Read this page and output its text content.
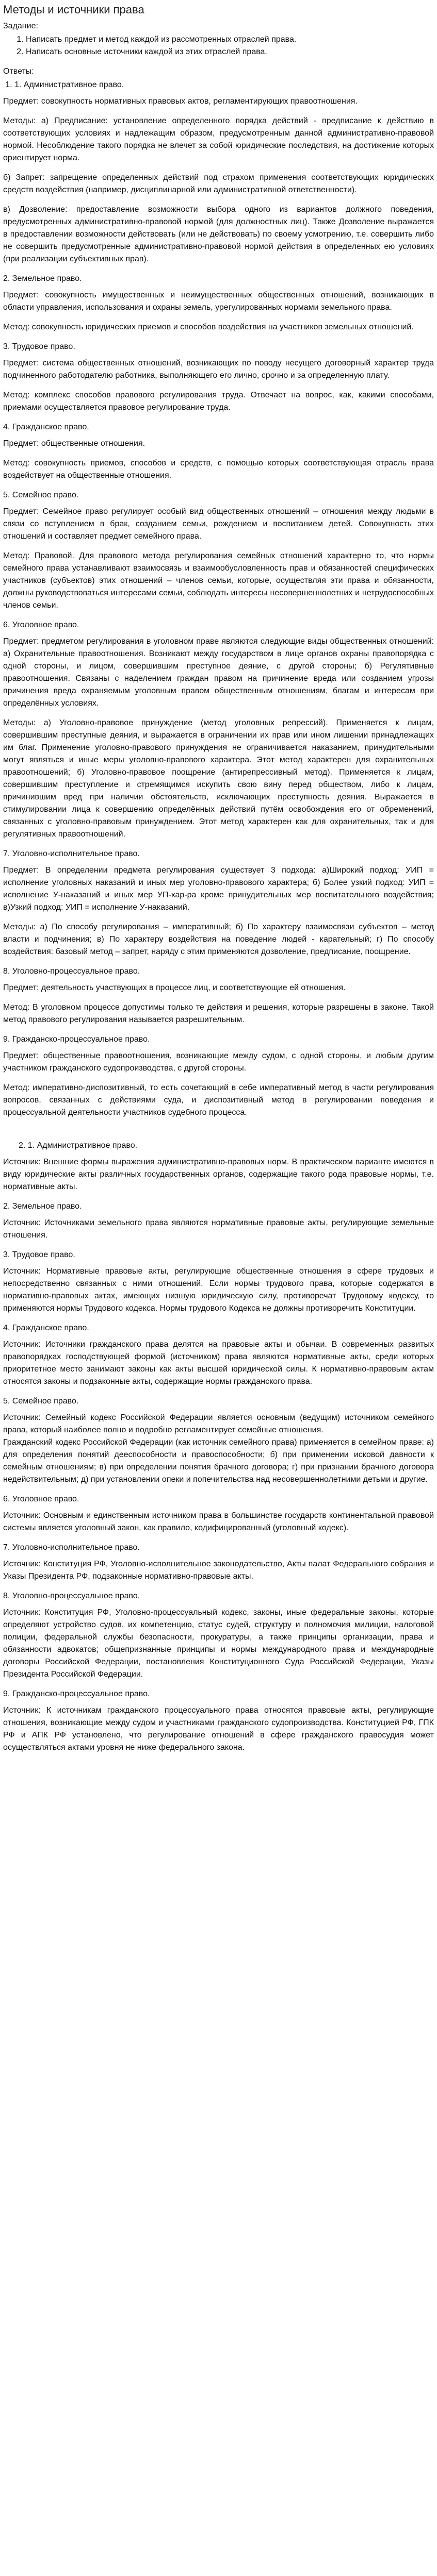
Методы и источники права
Задание:
1. Написать предмет и метод каждой из рассмотренных отраслей права.
2. Написать основные источники каждой из этих отраслей права.
Ответы:
1. 1. Административное право.

Предмет: совокупность нормативных правовых актов, регламентирующих правоотношения.

Методы: а) Предписание: установление определенного порядка действий - предписание к действию в соответствующих условиях и надлежащим образом, предусмотренным данной административно-правовой нормой. Несоблюдение такого порядка не влечет за собой юридические последствия, на достижение которых ориентирует норма.

б) Запрет: запрещение определенных действий под страхом применения соответствующих юридических средств воздействия (например, дисциплинарной или административной ответственности).

в) Дозволение: предоставление возможности выбора одного из вариантов должного поведения, предусмотренных административно-правовой нормой (для должностных лиц). Также Дозволение выражается в предоставлении возможности действовать (или не действовать) по своему усмотрению, т.е. совершить либо не совершить предусмотренные административно-правовой нормой действия в определенных ею условиях (при реализации субъективных прав).

2. Земельное право.

Предмет: совокупность имущественных и неимущественных общественных отношений, возникающих в области управления, использования и охраны земель, урегулированных нормами земельного права.

Метод: совокупность юридических приемов и способов воздействия на участников земельных отношений.

3. Трудовое право.

Предмет: система общественных отношений, возникающих по поводу несущего договорный характер труда подчиненного работодателю работника, выполняющего его лично, срочно и за определенную плату.

Метод: комплекс способов правового регулирования труда. Отвечает на вопрос, как, какими способами, приемами осуществляется правовое регулирование труда.

4. Гражданское право.

Предмет: общественные отношения.

Метод: совокупность приемов, способов и средств, с помощью которых соответствующая отрасль права воздействует на общественные отношения.

5. Семейное право.

Предмет: Семейное право регулирует особый вид общественных отношений – отношения между людьми в связи со вступлением в брак, созданием семьи, рождением и воспитанием детей. Совокупность этих отношений и составляет предмет семейного права.

Метод: Правовой. Для правового метода регулирования семейных отношений характерно то, что нормы семейного права устанавливают взаимосвязь и взаимообусловленность прав и обязанностей специфических участников (субъектов) этих отношений – членов семьи, которые, осуществляя эти права и обязанности, должны руководствоваться интересами семьи, соблюдать интересы несовершеннолетних и нетрудоспособных членов семьи.

6. Уголовное право.

Предмет: предметом регулирования в уголовном праве являются следующие виды общественных отношений: а) Охранительные правоотношения. Возникают между государством в лице органов охраны правопорядка с одной стороны, и лицом, совершившим преступное деяние, с другой стороны; б) Регулятивные правоотношения. Связаны с наделением граждан правом на причинение вреда или созданием угрозы причинения вреда охраняемым уголовным правом общественным отношениям, благам и интересам при определённых условиях.

Методы: а) Уголовно-правовое принуждение (метод уголовных репрессий). Применяется к лицам, совершившим преступные деяния, и выражается в ограничении их прав или ином лишении принадлежащих им благ. Применение уголовно-правового принуждения не ограничивается наказанием, принудительными могут являться и иные меры уголовно-правового характера. Этот метод характерен для охранительных правоотношений; б) Уголовно-правовое поощрение (антирепрессивный метод). Применяется к лицам, совершившим преступление и стремящимся искупить свою вину перед обществом, либо к лицам, причинившим вред при наличии обстоятельств, исключающих преступность деяния. Выражается в стимулировании лица к совершению определённых действий путём освобождения его от обременений, связанных с уголовно-правовым принуждением. Этот метод характерен как для охранительных, так и для регулятивных правоотношений.

7. Уголовно-исполнительное право.

Предмет: В определении предмета регулирования существует 3 подхода: а)Широкий подход: УИП = исполнение уголовных наказаний и иных мер уголовно-правового характера; б) Более узкий подход: УИП = исполнение У-наказаний и иных мер УП-хар-ра кроме принудительных мер воспитательного воздействия; в)Узкий подход: УИП = исполнение У-наказаний.

Методы: а) По способу регулирования – императивный; б) По характеру взаимосвязи субъектов – метод власти и подчинения; в) По характеру воздействия на поведение людей - карательный; г) По способу воздействия: базовый метод – запрет, наряду с этим применяются дозволение, предписание, поощрение.

8. Уголовно-процессуальное право.

Предмет: деятельность участвующих в процессе лиц, и соответствующие ей отношения.

Метод: В уголовном процессе допустимы только те действия и решения, которые разрешены в законе. Такой метод правового регулирования называется разрешительным.

9. Гражданско-процессуальное право.

Предмет: общественные правоотношения, возникающие между судом, с одной стороны, и любым другим участником гражданского судопроизводства, с другой стороны.

Метод: императивно-диспозитивный, то есть сочетающий в себе императивный метод в части регулирования вопросов, связанных с действиями суда, и диспозитивный метод в регулировании поведения и процессуальной деятельности участников судебного процесса.

2. 1. Административное право.

Источник: Внешние формы выражения административно-правовых норм. В практическом варианте имеются в виду юридические акты различных государственных органов, содержащие такого рода правовые нормы, т.е. нормативные акты.

2. Земельное право.

Источник: Источниками земельного права являются нормативные правовые акты, регулирующие земельные отношения.

3. Трудовое право.

Источник: Нормативные правовые акты, регулирующие общественные отношения в сфере трудовых и непосредственно связанных с ними отношений. Если нормы трудового права, которые содержатся в нормативно-правовых актах, имеющих низшую юридическую силу, противоречат Трудовому кодексу, то применяются нормы Трудового кодекса. Нормы трудового Кодекса не должны противоречить Конституции.

4. Гражданское право.

Источник: Источники гражданского права делятся на правовые акты и обычаи. В современных развитых правопорядках господствующей формой (источником) права являются нормативные акты, среди которых приоритетное место занимают законы как акты высшей юридической силы. К нормативно-правовым актам относятся законы и подзаконные акты, содержащие нормы гражданского права.

5. Семейное право.

Источник: Семейный кодекс Российской Федерации является основным (ведущим) источником семейного права, который наиболее полно и подробно регламентирует семейные отношения.
Гражданский кодекс Российской Федерации (как источник семейного права) применяется в семейном праве: а) для определения понятий дееспособности и правоспособности; б) при применении исковой давности к семейным отношениям; в) при определении понятия брачного договора; г) при признании брачного договора недействительным; д) при установлении опеки и попечительства над несовершеннолетними детьми и другие.

6. Уголовное право.

Источник: Основным и единственным источником права в большинстве государств континентальной правовой системы является уголовный закон, как правило, кодифицированный (уголовный кодекс).

7. Уголовно-исполнительное право.

Источник: Конституция РФ, Уголовно-исполнительное законодательство, Акты палат Федерального собрания и Указы Президента РФ, подзаконные нормативно-правовые акты.

8. Уголовно-процессуальное право.

Источник: Конституция РФ, Уголовно-процессуальный кодекс, законы, иные федеральные законы, которые определяют устройство судов, их компетенцию, статус судей, структуру и полномочия милиции, налоговой полиции, федеральной службы безопасности, прокуратуры, а также принципы организации, права и обязанности адвокатов; общепризнанные принципы и нормы международного права и международные договоры Российской Федерации, постановления Конституционного Суда Российской Федерации, Указы Президента Российской Федерации.

9. Гражданско-процессуальное право.

Источник: К источникам гражданского процессуального права относятся правовые акты, регулирующие отношения, возникающие между судом и участниками гражданского судопроизводства. Конституцией РФ, ГПК РФ и АПК РФ установлено, что регулирование отношений в сфере гражданского правосудия может осуществляться актами уровня не ниже федерального закона.
